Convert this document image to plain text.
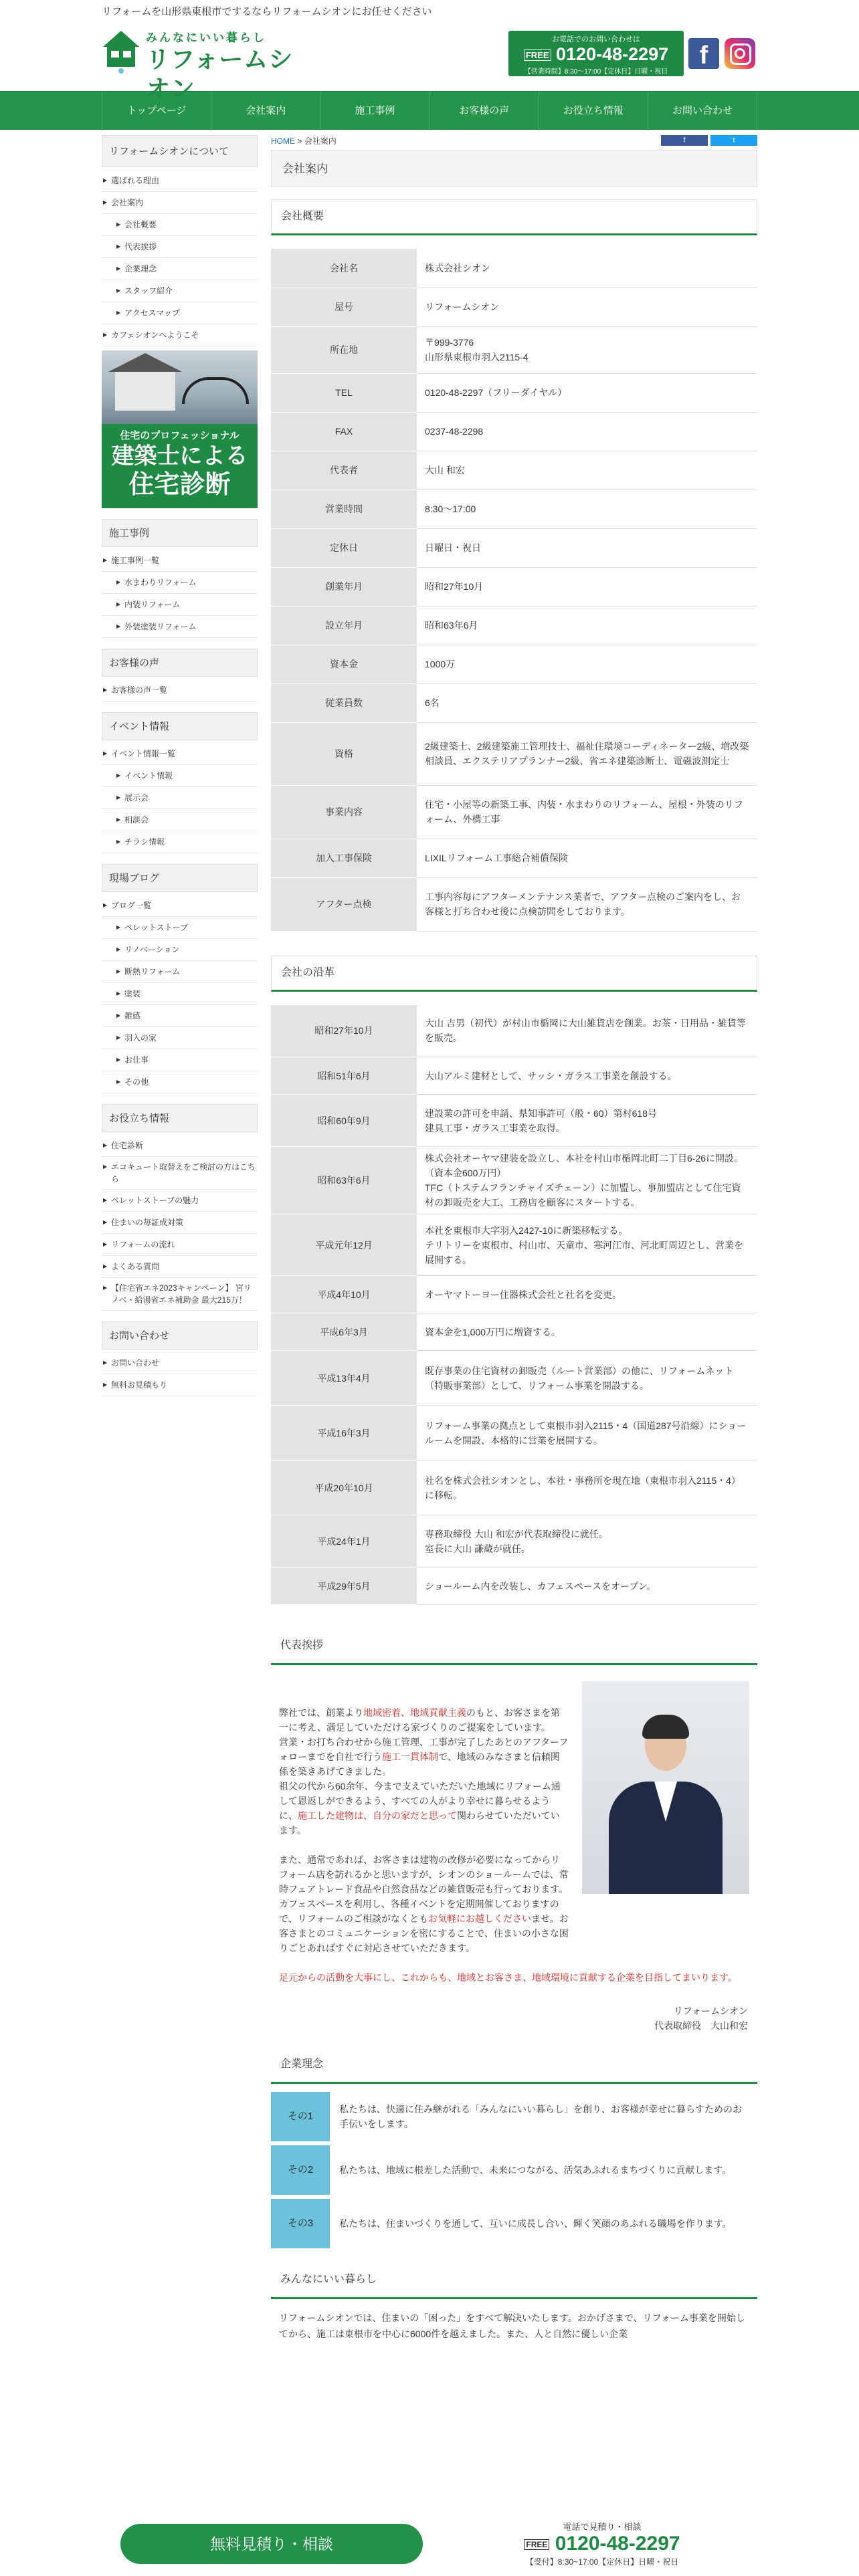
リフォームを山形県東根市でするならリフォームシオンにお任せください
みんなにいい暮らし
リフォームシオン
お電話でのお問い合わせは
FREE 0120-48-2297
【営業時間】8:30～17:00【定休日】日曜・祝日
f
トップページ	会社案内	施工事例	お客様の声	お役立ち情報	お問い合わせ
リフォームシオンについて
▶ 選ばれる理由
▶ 会社案内
▶ 会社概要
▶ 代表挨拶
▶ 企業理念
▶ スタッフ紹介
▶ アクセスマップ
▶ カフェシオンへようこそ
住宅のプロフェッショナル
建築士による
住宅診断
施工事例
▶ 施工事例一覧
▶ 水まわりリフォーム
▶ 内装リフォーム
▶ 外装塗装リフォーム
お客様の声
▶ お客様の声一覧
イベント情報
▶ イベント情報一覧
▶ イベント情報
▶ 展示会
▶ 相談会
▶ チラシ情報
現場ブログ
▶ ブログ一覧
▶ ペレットストーブ
▶ リノベーション
▶ 断熱リフォーム
▶ 塗装
▶ 雑感
▶ 羽入の家
▶ お仕事
▶ その他
お役立ち情報
▶ 住宅診断
▶ エコキュート取替えをご検討の方はこちら
▶ ペレットストーブの魅力
▶ 住まいの毎証成対策
▶ リフォームの流れ
▶ よくある質問
▶ 【住宅省エネ2023キャンペーン】 宮リノベ・給湯省エネ補助金 最大215万！
お問い合わせ
▶ お問い合わせ
▶ 無料お見積もり
HOME > 会社案内	f	t
会社案内
会社概要
会社名	株式会社シオン
屋号	リフォームシオン
所在地	〒999-3776
山形県東根市羽入2115-4
TEL	0120-48-2297（フリーダイヤル）
FAX	0237-48-2298
代表者	大山 和宏
営業時間	8:30～17:00
定休日	日曜日・祝日
創業年月	昭和27年10月
設立年月	昭和63年6月
資本金	1000万
従業員数	6名
資格	2級建築士、2級建築施工管理技士、福祉住環境コーディネーター2級、増改築相談員、エクステリアプランナー2級、省エネ建築診断士、電磁波測定士
事業内容	住宅・小屋等の新築工事、内装・水まわりのリフォーム、屋根・外装のリフォーム、外構工事
加入工事保険	LIXILリフォーム工事総合補償保険
アフター点検	工事内容毎にアフターメンテナンス業者で、アフター点検のご案内をし、お客様と打ち合わせ後に点検訪問をしております。
会社の沿革
昭和27年10月	大山 吉男（初代）が村山市楯岡に大山雑貨店を創業。お茶・日用品・雑貨等を販売。
昭和51年6月	大山アルミ建材として、サッシ・ガラス工事業を創設する。
昭和60年9月	建設業の許可を申請、県知事許可（般・60）第村618号
建具工事・ガラス工事業を取得。
昭和63年6月	株式会社オーヤマ建装を設立し、本社を村山市楯岡北町二丁目6-26に開設。（資本金600万円）
TFC（トステムフランチャイズチェーン）に加盟し、事加盟店として住宅資材の卸販売を大工、工務店を顧客にスタートする。
平成元年12月	本社を東根市大字羽入2427-10に新築移転する。
テリトリーを東根市、村山市、天童市、寒河江市、河北町周辺とし、営業を展開する。
平成4年10月	オーヤマトーヨー住器株式会社と社名を変更。
平成6年3月	資本金を1,000万円に増資する。
平成13年4月	既存事業の住宅資材の卸販売（ルート営業部）の他に、リフォームネット（特販事業部）として、リフォーム事業を開設する。
平成16年3月	リフォーム事業の拠点として東根市羽入2115・4（国道287号沿線）にショールームを開設、本格的に営業を展開する。
平成20年10月	社名を株式会社シオンとし、本社・事務所を現在地（東根市羽入2115・4）に移転。
平成24年1月	専務取締役 大山 和宏が代表取締役に就任。
室長に大山 謙蔵が就任。
平成29年5月	ショールーム内を改装し、カフェスペースをオープン。
代表挨拶

弊社では、創業より地域密着、地域貢献主義のもと、お客さまを第一に考え、満足していただける家づくりのご提案をしています。

営業・お打ち合わせから施工管理、工事が完了したあとのアフターフォローまでを自社で行う施工一貫体制で、地域のみなさまと信頼関係を築きあげてきました。

祖父の代から60余年、今まで支えていただいた地域にリフォーム通して恩返しができるよう、すべての人がより幸せに暮らせるように、施工した建物は、自分の家だと思って関わらせていただいています。

また、通常であれば、お客さまは建物の改修が必要になってからリフォーム店を訪れるかと思いますが、シオンのショールームでは、常時フェアトレード食品や自然食品などの雑貨販売も行っております。カフェスペースを利用し、各種イベントを定期開催しておりますので、リフォームのご相談がなくともお気軽にお越しくださいませ。お客さまとのコミュニケーションを密にすることで、住まいの小さな困りごとあればすぐに対応させていただきます。

足元からの活動を大事にし、これからも、地域とお客さま、地域環境に貢献する企業を目指してまいります。

リフォームシオン
代表取締役　大山和宏
企業理念
その1
私たちは、快適に住み継がれる「みんなにいい暮らし」を創り、お客様が幸せに暮らすためのお手伝いをします。
その2	私たちは、地域に根差した活動で、未来につながる、活気あふれるまちづくりに貢献します。
その3	私たちは、住まいづくりを通して、互いに成長し合い、輝く笑顔のあふれる職場を作ります。
みんなにいい暮らし

リフォームシオンでは、住まいの「困った」をすべて解決いたします。おかげさまで、リフォーム事業を開始してから、施工は東根市を中心に6000件を越えました。また、人と自然に優しい企業

無料見積り・相談
電話で見積り・相談
FREE 0120-48-2297
【受付】8:30~17:00【定休日】日曜・祝日
